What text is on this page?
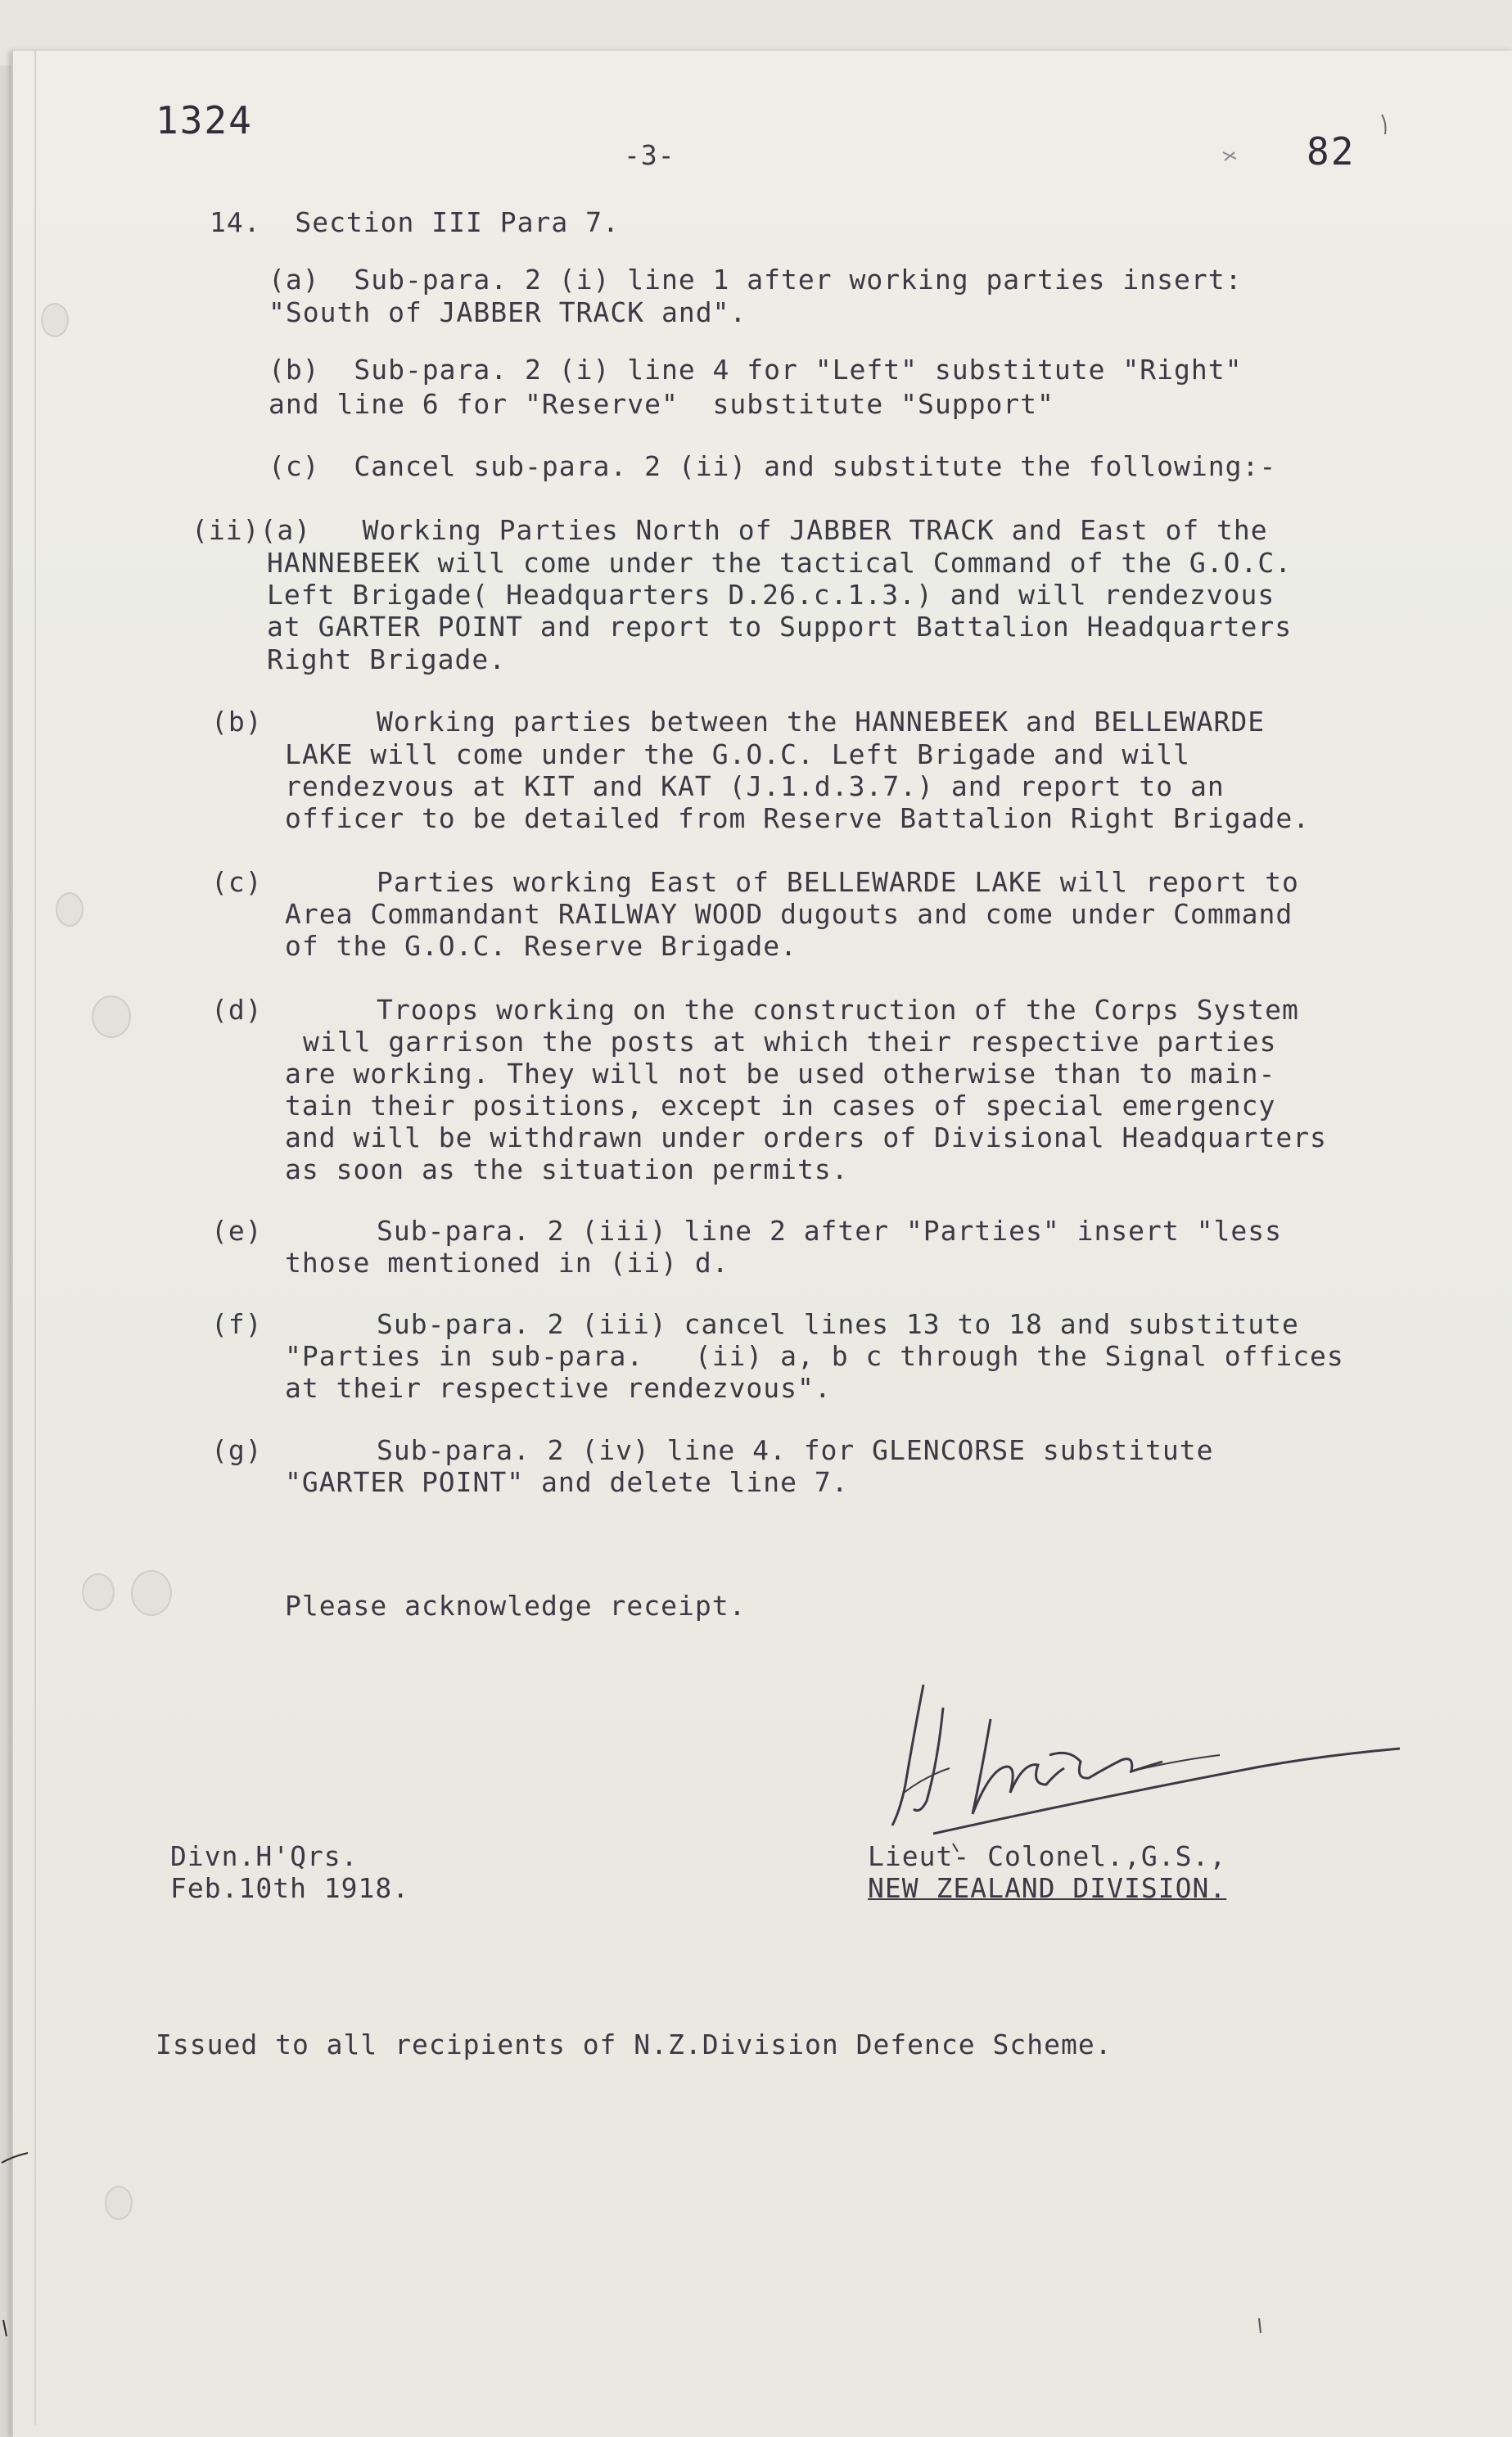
1324
-3-	82
14.  Section III Para 7.
(a)  Sub-para. 2 (i) line 1 after working parties insert:
"South of JABBER TRACK and".
(b)  Sub-para. 2 (i) line 4 for "Left" substitute "Right"
and line 6 for "Reserve"  substitute "Support"
(c)  Cancel sub-para. 2 (ii) and substitute the following:-
(ii)(a)   Working Parties North of JABBER TRACK and East of the
HANNEBEEK will come under the tactical Command of the G.O.C.
Left Brigade( Headquarters D.26.c.1.3.) and will rendezvous
at GARTER POINT and report to Support Battalion Headquarters
Right Brigade.
(b)	Working parties between the HANNEBEEK and BELLEWARDE
LAKE will come under the G.O.C. Left Brigade and will
rendezvous at KIT and KAT (J.1.d.3.7.) and report to an
officer to be detailed from Reserve Battalion Right Brigade.
(c)	Parties working East of BELLEWARDE LAKE will report to
Area Commandant RAILWAY WOOD dugouts and come under Command
of the G.O.C. Reserve Brigade.
(d)	Troops working on the construction of the Corps System
will garrison the posts at which their respective parties
are working. They will not be used otherwise than to main-
tain their positions, except in cases of special emergency
and will be withdrawn under orders of Divisional Headquarters
as soon as the situation permits.
(e)	Sub-para. 2 (iii) line 2 after "Parties" insert "less
those mentioned in (ii) d.
(f)	Sub-para. 2 (iii) cancel lines 13 to 18 and substitute
"Parties in sub-para.   (ii) a, b c through the Signal offices
at their respective rendezvous".
(g)	Sub-para. 2 (iv) line 4. for GLENCORSE substitute
"GARTER POINT" and delete line 7.
Please acknowledge receipt.
Divn.H'Qrs.
Feb.10th 1918.
Lieut- Colonel.,G.S.,
NEW ZEALAND DIVISION.
Issued to all recipients of N.Z.Division Defence Scheme.
